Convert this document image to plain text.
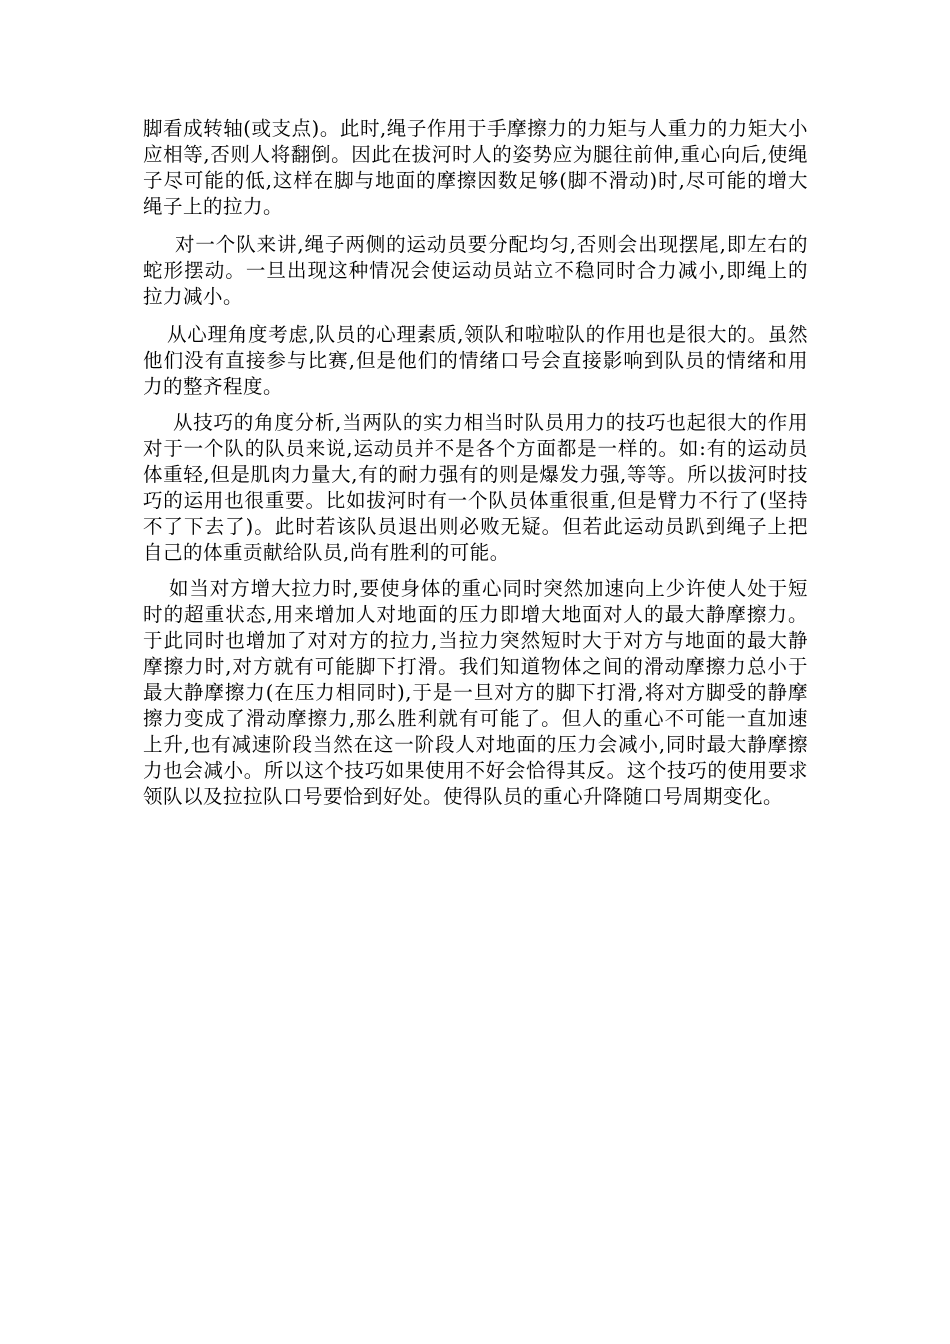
脚看成转轴(或支点)。此时,绳子作用于手摩擦力的力矩与人重力的力矩大小应相等,否则人将翻倒。因此在拔河时人的姿势应为腿往前伸,重心向后,使绳子尽可能的低,这样在脚与地面的摩擦因数足够(脚不滑动)时,尽可能的增大绳子上的拉力。

对一个队来讲,绳子两侧的运动员要分配均匀,否则会出现摆尾,即左右的蛇形摆动。一旦出现这种情况会使运动员站立不稳同时合力减小,即绳上的拉力减小。

从心理角度考虑,队员的心理素质,领队和啦啦队的作用也是很大的。虽然他们没有直接参与比赛,但是他们的情绪口号会直接影响到队员的情绪和用力的整齐程度。

从技巧的角度分析,当两队的实力相当时队员用力的技巧也起很大的作用对于一个队的队员来说,运动员并不是各个方面都是一样的。如:有的运动员体重轻,但是肌肉力量大,有的耐力强有的则是爆发力强,等等。所以拔河时技巧的运用也很重要。比如拔河时有一个队员体重很重,但是臂力不行了(坚持不了下去了)。此时若该队员退出则必败无疑。但若此运动员趴到绳子上把自己的体重贡献给队员,尚有胜利的可能。

如当对方增大拉力时,要使身体的重心同时突然加速向上少许使人处于短时的超重状态,用来增加人对地面的压力即增大地面对人的最大静摩擦力。于此同时也增加了对对方的拉力,当拉力突然短时大于对方与地面的最大静摩擦力时,对方就有可能脚下打滑。我们知道物体之间的滑动摩擦力总小于最大静摩擦力(在压力相同时),于是一旦对方的脚下打滑,将对方脚受的静摩擦力变成了滑动摩擦力,那么胜利就有可能了。但人的重心不可能一直加速上升,也有减速阶段当然在这一阶段人对地面的压力会减小,同时最大静摩擦力也会减小。所以这个技巧如果使用不好会恰得其反。这个技巧的使用要求领队以及拉拉队口号要恰到好处。使得队员的重心升降随口号周期变化。
